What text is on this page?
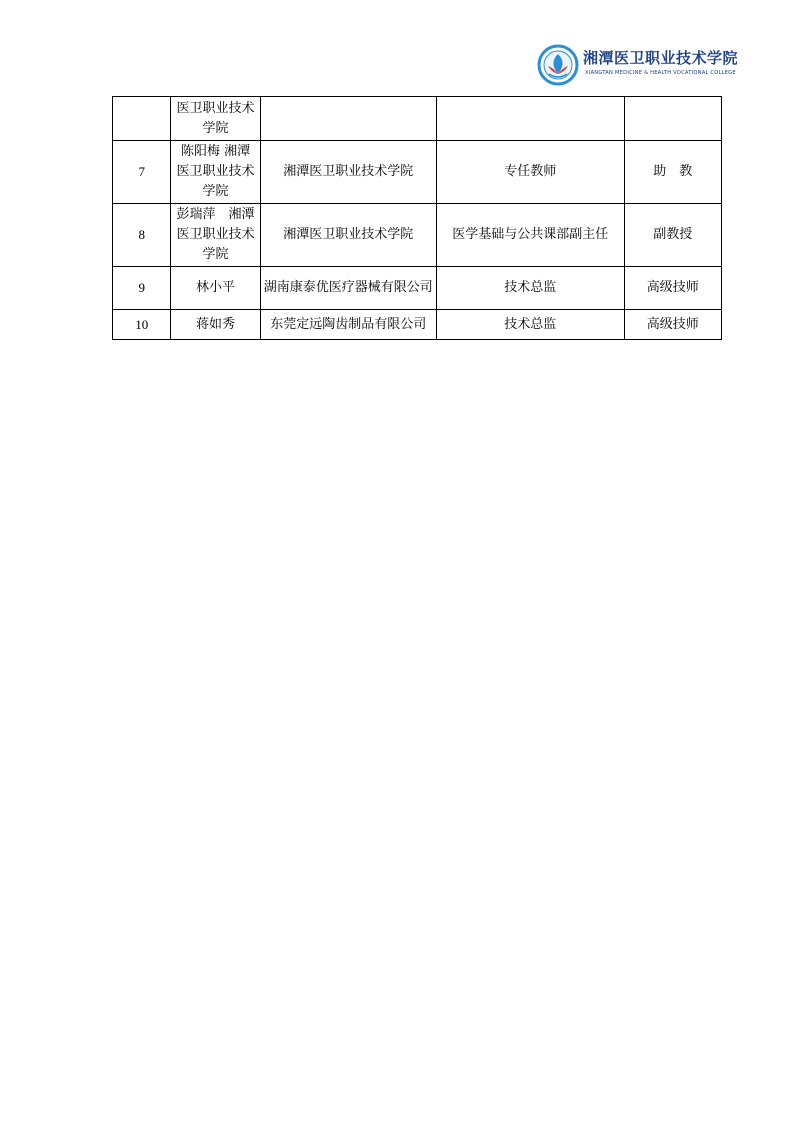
湘潭医卫职业技术学院
XIANGTAN MEDICINE & HEALTH VOCATIONAL COLLEGE

	医卫职业技术
学院			

7	陈阳梅 湘潭
医卫职业技术
学院	湘潭医卫职业技术学院	专任教师	助　教
8	彭瑞萍　湘潭
医卫职业技术
学院	湘潭医卫职业技术学院	医学基础与公共课部副主任	副教授
9	林小平	湖南康泰优医疗器械有限公司	技术总监	高级技师
10	蒋如秀	东莞定远陶齿制品有限公司	技术总监	高级技师
